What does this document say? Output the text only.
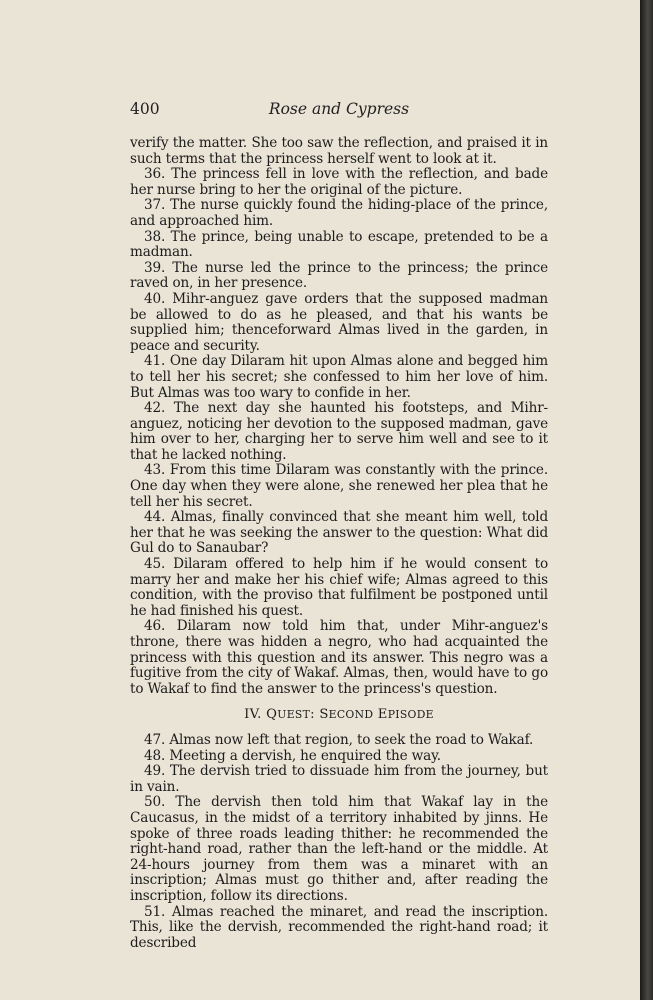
400	Rose and Cypress

verify the matter. She too saw the reflection, and praised it in such terms that the princess herself went to look at it.

36. The princess fell in love with the reflection, and bade her nurse bring to her the original of the picture.

37. The nurse quickly found the hiding-place of the prince, and approached him.

38. The prince, being unable to escape, pretended to be a madman.

39. The nurse led the prince to the princess; the prince raved on, in her presence.

40. Mihr-anguez gave orders that the supposed madman be allowed to do as he pleased, and that his wants be supplied him; thenceforward Almas lived in the garden, in peace and security.

41. One day Dilaram hit upon Almas alone and begged him to tell her his secret; she confessed to him her love of him. But Almas was too wary to confide in her.

42. The next day she haunted his footsteps, and Mihr-anguez, noticing her devotion to the supposed madman, gave him over to her, charging her to serve him well and see to it that he lacked nothing.

43. From this time Dilaram was constantly with the prince. One day when they were alone, she renewed her plea that he tell her his secret.

44. Almas, finally convinced that she meant him well, told her that he was seeking the answer to the question: What did Gul do to Sanaubar?

45. Dilaram offered to help him if he would consent to marry her and make her his chief wife; Almas agreed to this condition, with the proviso that fulfilment be postponed until he had finished his quest.

46. Dilaram now told him that, under Mihr-anguez's throne, there was hidden a negro, who had acquainted the princess with this question and its answer. This negro was a fugitive from the city of Wakaf. Almas, then, would have to go to Wakaf to find the answer to the princess's question.

IV. QUEST: SECOND EPISODE

47. Almas now left that region, to seek the road to Wakaf.

48. Meeting a dervish, he enquired the way.

49. The dervish tried to dissuade him from the journey, but in vain.

50. The dervish then told him that Wakaf lay in the Caucasus, in the midst of a territory inhabited by jinns. He spoke of three roads leading thither: he recommended the right-hand road, rather than the left-hand or the middle. At 24-hours journey from them was a minaret with an inscription; Almas must go thither and, after reading the inscription, follow its directions.

51. Almas reached the minaret, and read the inscription. This, like the dervish, recommended the right-hand road; it described
